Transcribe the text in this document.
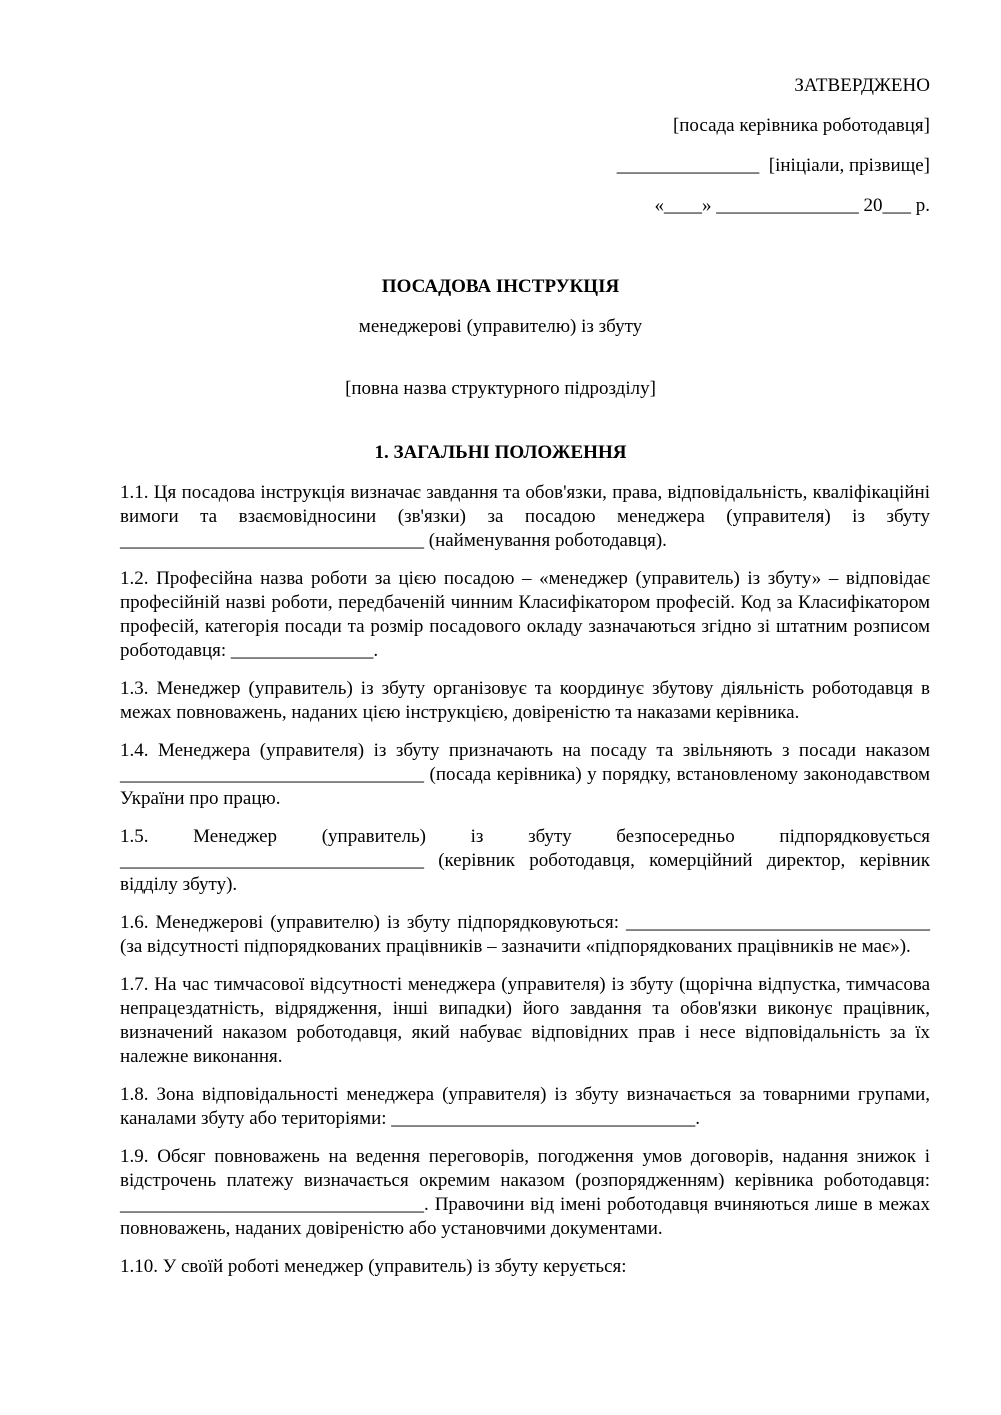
ЗАТВЕРДЖЕНО
[посада керівника роботодавця]
_______________  [ініціали, прізвище]
«____» _______________ 20___ р.
ПОСАДОВА ІНСТРУКЦІЯ
менеджерові (управителю) із збуту
[повна назва структурного підрозділу]
1. ЗАГАЛЬНІ ПОЛОЖЕННЯ

1.1. Ця посадова інструкція визначає завдання та обов'язки, права, відповідальність, кваліфікаційні вимоги та взаємовідносини (зв'язки) за посадою менеджера (управителя) із збуту ________________________________ (найменування роботодавця).

1.2. Професійна назва роботи за цією посадою – «менеджер (управитель) із збуту» – відповідає професійній назві роботи, передбаченій чинним Класифікатором професій. Код за Класифікатором професій, категорія посади та розмір посадового окладу зазначаються згідно зі штатним розписом роботодавця: _______________.

1.3. Менеджер (управитель) із збуту організовує та координує збутову діяльність роботодавця в межах повноважень, наданих цією інструкцією, довіреністю та наказами керівника.

1.4. Менеджера (управителя) із збуту призначають на посаду та звільняють з посади наказом ________________________________ (посада керівника) у порядку, встановленому законодавством України про працю.

1.5. Менеджер (управитель) із збуту безпосередньо підпорядковується ________________________________ (керівник роботодавця, комерційний директор, керівник відділу збуту).

1.6. Менеджерові (управителю) із збуту підпорядковуються: ________________________________ (за відсутності підпорядкованих працівників – зазначити «підпорядкованих працівників не має»).

1.7. На час тимчасової відсутності менеджера (управителя) із збуту (щорічна відпустка, тимчасова непрацездатність, відрядження, інші випадки) його завдання та обов'язки виконує працівник, визначений наказом роботодавця, який набуває відповідних прав і несе відповідальність за їх належне виконання.

1.8. Зона відповідальності менеджера (управителя) із збуту визначається за товарними групами, каналами збуту або територіями: ________________________________.

1.9. Обсяг повноважень на ведення переговорів, погодження умов договорів, надання знижок і відстрочень платежу визначається окремим наказом (розпорядженням) керівника роботодавця: ________________________________. Правочини від імені роботодавця вчиняються лише в межах повноважень, наданих довіреністю або установчими документами.

1.10. У своїй роботі менеджер (управитель) із збуту керується:
